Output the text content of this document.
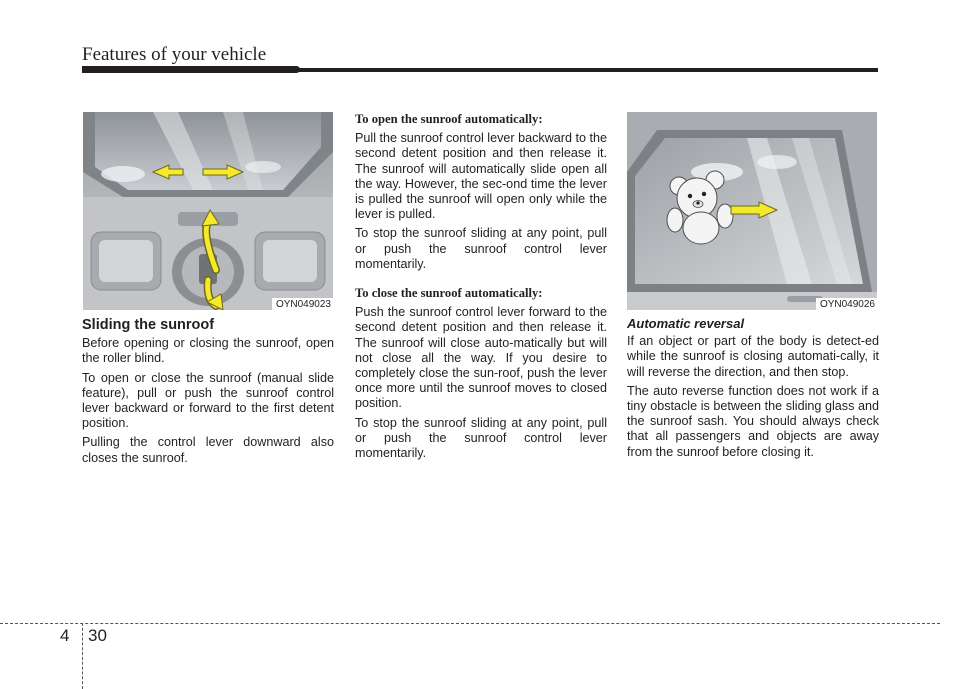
Features of your vehicle
OYN049023	OYN049026
Sliding the sunroof

Before opening or closing the sunroof, open the roller blind.

To open or close the sunroof (manual slide feature), pull or push the sunroof control lever backward or forward to the first detent position.

Pulling the control lever downward also closes the sunroof.

To open the sunroof automatically:

Pull the sunroof control lever backward to the second detent position and then release it. The sunroof will automatically slide open all the way. However, the sec-ond time the lever is pulled the sunroof will open only while the lever is pulled.

To stop the sunroof sliding at any point, pull or push the sunroof control lever momentarily.

To close the sunroof automatically:

Push the sunroof control lever forward to the second detent position and then release it. The sunroof will close auto-matically but will not close all the way. If you desire to completely close the sun-roof, push the lever once more until the sunroof moves to closed position.

To stop the sunroof sliding at any point, pull or push the sunroof control lever momentarily.

Automatic reversal

If an object or part of the body is detect-ed while the sunroof is closing automati-cally, it will reverse the direction, and then stop.

The auto reverse function does not work if a tiny obstacle is between the sliding glass and the sunroof sash. You should always check that all passengers and objects are away from the sunroof before closing it.

4 30
